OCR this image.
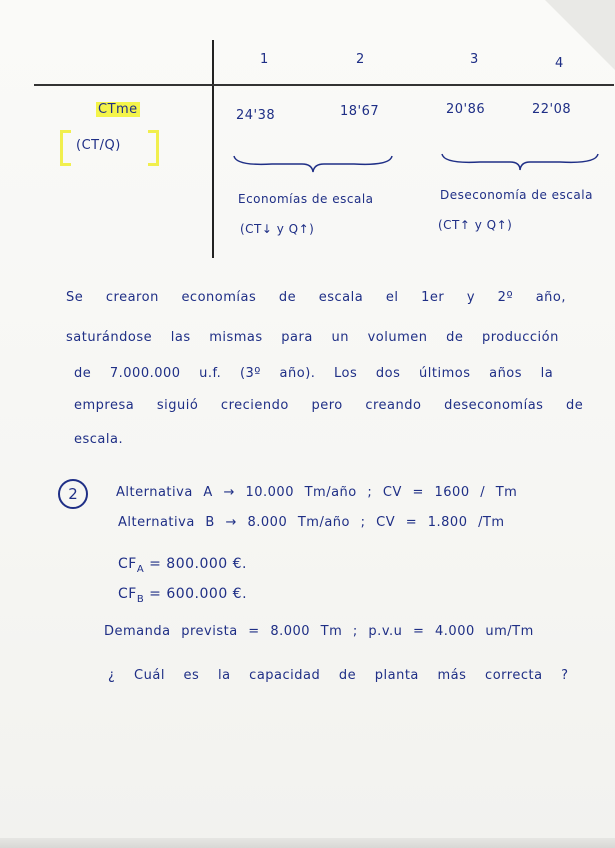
1	2	3	4
CTme
(CT/Q)
24'38	18'67	20'86	22'08
Economías de escala
(CT↓ y Q↑)
Deseconomía de escala
(CT↑ y Q↑)
Se crearon economías de escala el 1er y 2º año,
saturándose las mismas para un volumen de producción
de 7.000.000 u.f. (3º año). Los dos últimos años la
empresa siguió creciendo pero creando deseconomías de
escala.
2	Alternativa A → 10.000 Tm/año ; CV = 1600 / Tm
Alternativa B → 8.000 Tm/año ; CV = 1.800 /Tm
$CF_A = 800.000$ €.
$CF_B = 600.000$ €.
Demanda prevista = 8.000 Tm ; p.v.u = 4.000 um/Tm
¿ Cuál es la capacidad de planta más correcta ?
